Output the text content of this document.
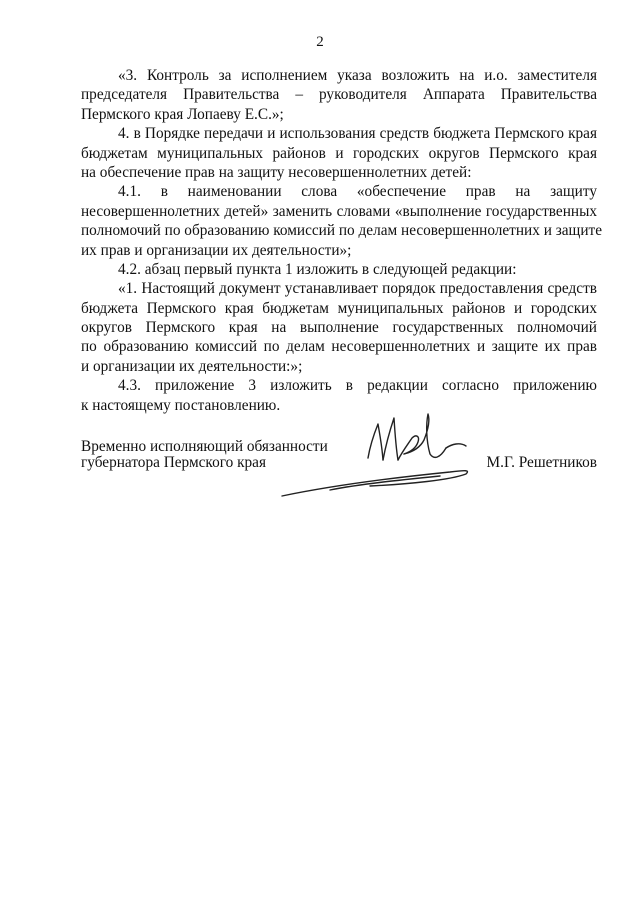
2
«3. Контроль за исполнением указа возложить на и.о. заместителя
председателя Правительства – руководителя Аппарата Правительства
Пермского края Лопаеву Е.С.»;
4. в Порядке передачи и использования средств бюджета Пермского края
бюджетам муниципальных районов и городских округов Пермского края
на обеспечение прав на защиту несовершеннолетних детей:
4.1. в наименовании слова «обеспечение прав на защиту
несовершеннолетних детей» заменить словами «выполнение государственных
полномочий по образованию комиссий по делам несовершеннолетних и защите
их прав и организации их деятельности»;
4.2. абзац первый пункта 1 изложить в следующей редакции:
«1. Настоящий документ устанавливает порядок предоставления средств
бюджета Пермского края бюджетам муниципальных районов и городских
округов Пермского края на выполнение государственных полномочий
по образованию комиссий по делам несовершеннолетних и защите их прав
и организации их деятельности:»;
4.3. приложение 3 изложить в редакции согласно приложению
к настоящему постановлению.
Временно исполняющий обязанности
губернатора Пермского края	М.Г. Решетников
